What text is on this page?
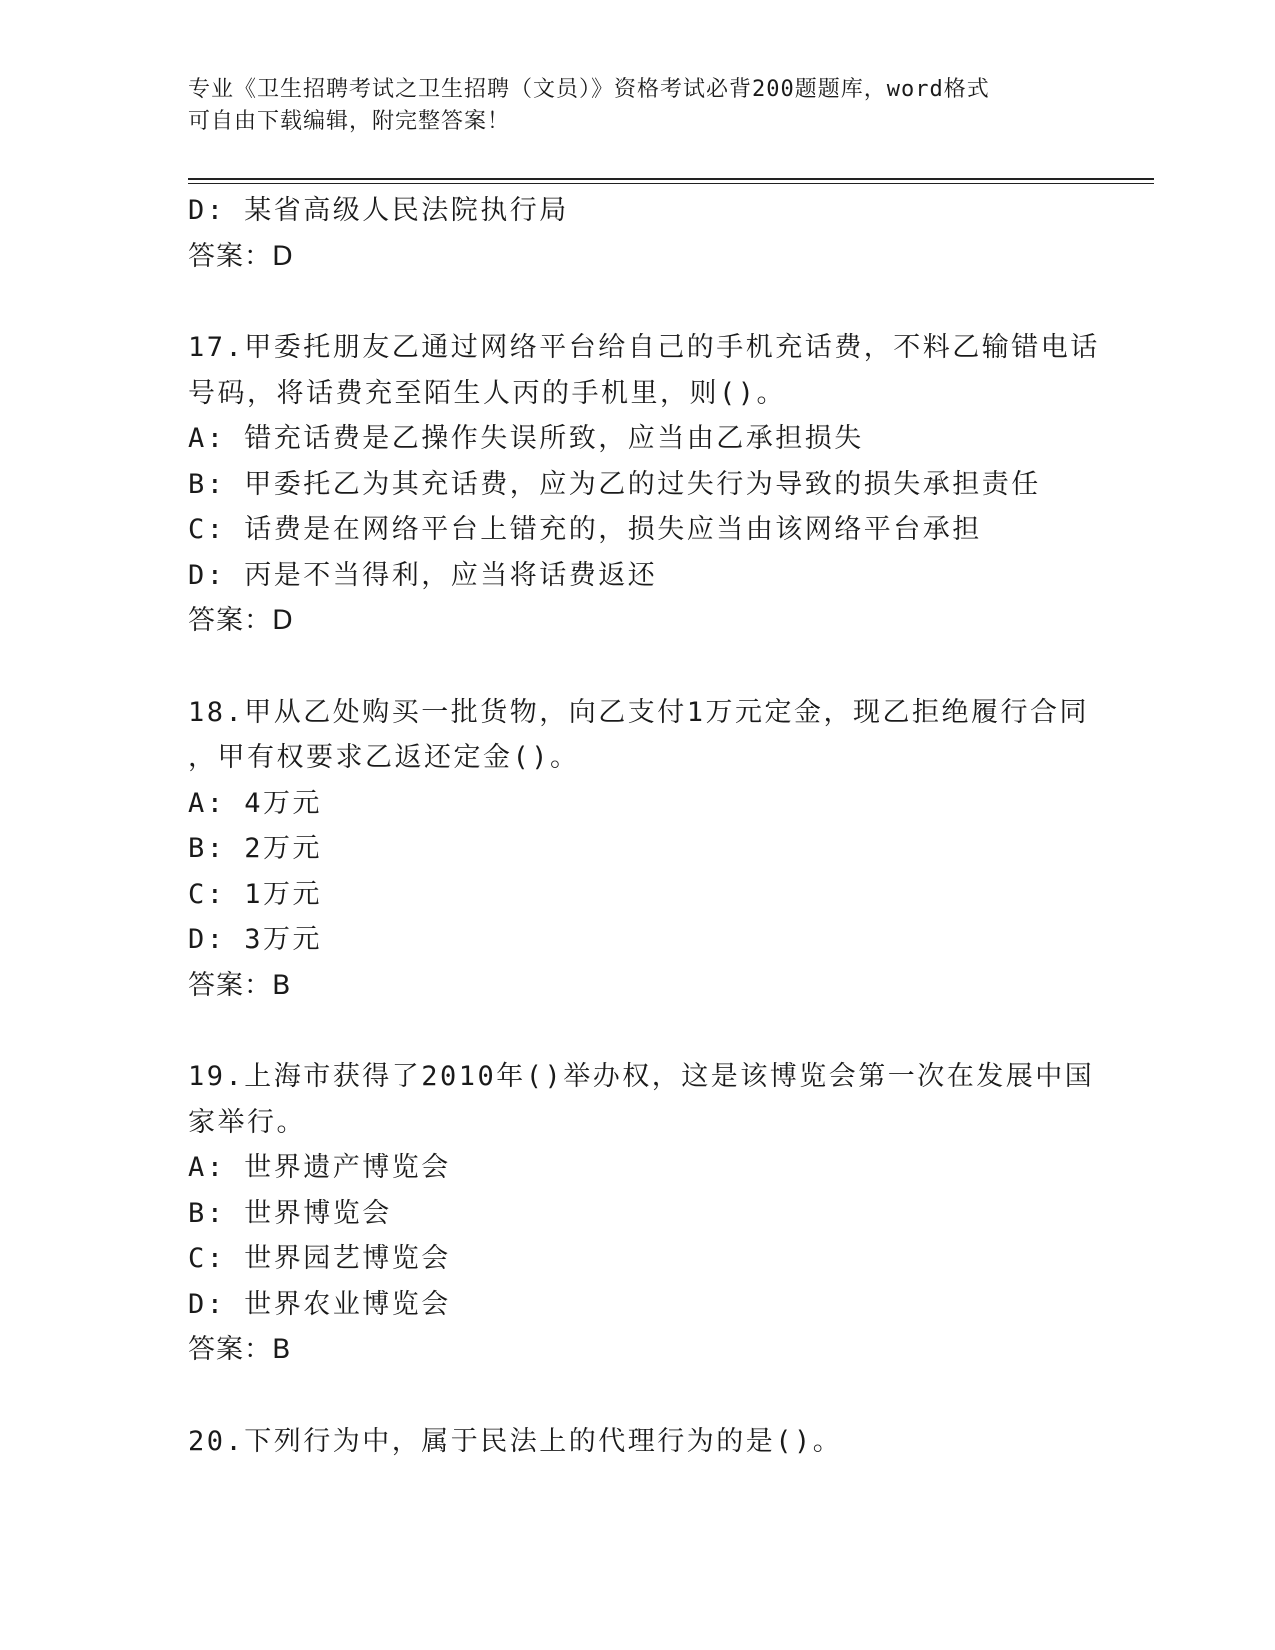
专业《卫生招聘考试之卫生招聘（文员）》资格考试必背200题题库，word格式
可自由下载编辑，附完整答案！
D: 某省高级人民法院执行局
答案：D
17.甲委托朋友乙通过网络平台给自己的手机充话费，不料乙输错电话
号码，将话费充至陌生人丙的手机里，则()。
A: 错充话费是乙操作失误所致，应当由乙承担损失
B: 甲委托乙为其充话费，应为乙的过失行为导致的损失承担责任
C: 话费是在网络平台上错充的，损失应当由该网络平台承担
D: 丙是不当得利，应当将话费返还
答案：D
18.甲从乙处购买一批货物，向乙支付1万元定金，现乙拒绝履行合同
，甲有权要求乙返还定金()。
A: 4万元
B: 2万元
C: 1万元
D: 3万元
答案：B
19.上海市获得了2010年()举办权，这是该博览会第一次在发展中国
家举行。
A: 世界遗产博览会
B: 世界博览会
C: 世界园艺博览会
D: 世界农业博览会
答案：B
20.下列行为中，属于民法上的代理行为的是()。
